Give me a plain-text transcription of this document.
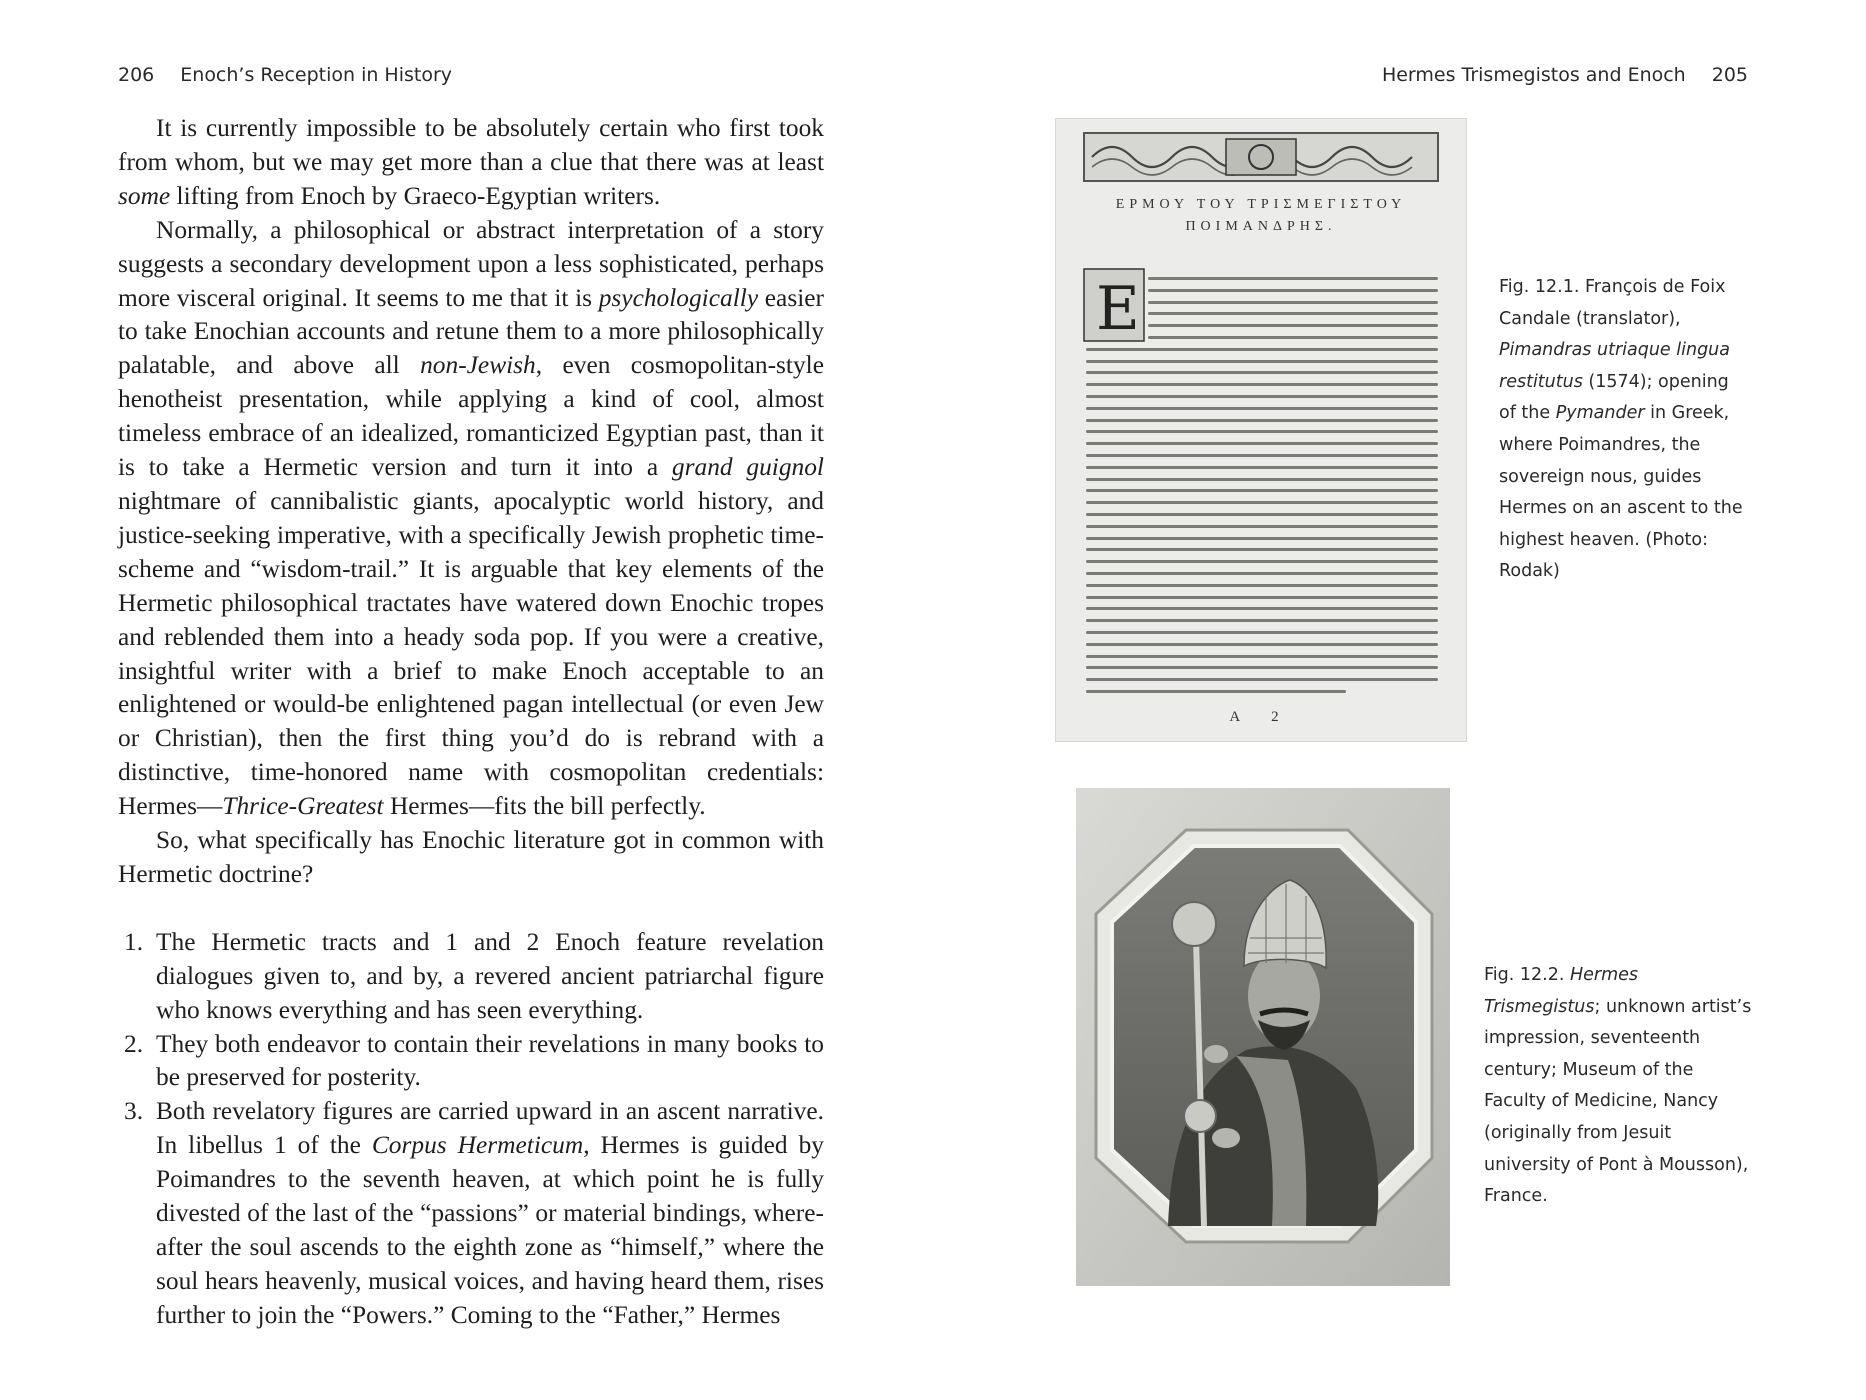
206 Enoch’s Reception in History

It is currently impossible to be absolutely certain who first took from whom, but we may get more than a clue that there was at least some lifting from Enoch by Graeco-Egyptian writers.

Normally, a philosophical or abstract interpretation of a story suggests a secondary development upon a less sophisticated, perhaps more visceral original. It seems to me that it is psychologically easier to take Enochian accounts and retune them to a more philosophically palatable, and above all non-Jewish, even cosmopolitan-style henotheist presentation, while applying a kind of cool, almost timeless embrace of an idealized, romanticized Egyptian past, than it is to take a Hermetic version and turn it into a grand guignol nightmare of cannibalistic giants, apocalyptic world history, and justice-seeking imperative, with a specifically Jewish prophetic time-scheme and “wisdom-trail.” It is arguable that key elements of the Hermetic philosophical tractates have watered down Enochic tropes and reblended them into a heady soda pop. If you were a creative, insightful writer with a brief to make Enoch acceptable to an enlightened or would-be enlightened pagan intellectual (or even Jew or Christian), then the first thing you’d do is rebrand with a distinctive, time-honored name with cosmopolitan credentials: Hermes—Thrice-Greatest Hermes—fits the bill perfectly.

So, what specifically has Enochic literature got in common with Hermetic doctrine?

1. The Hermetic tracts and 1 and 2 Enoch feature revelation dialogues given to, and by, a revered ancient patriarchal figure who knows everything and has seen everything.
2. They both endeavor to contain their revelations in many books to be preserved for posterity.
3. Both revelatory figures are carried upward in an ascent narrative. In libellus 1 of the Corpus Hermeticum, Hermes is guided by Poimandres to the seventh heaven, at which point he is fully divested of the last of the “passions” or material bindings, whereafter the soul ascends to the eighth zone as “himself,” where the soul hears heavenly, musical voices, and having heard them, rises further to join the “Powers.” Coming to the “Father,” Hermes
Hermes Trismegistos and Enoch 205
E
ΕΡΜΟΥ ΤΟΥ ΤΡΙΣΜΕΓΙΣΤΟΥ
ΠΟΙΜΑΝΔΡΗΣ.
A 2
Fig. 12.1. François de Foix Candale (translator), Pimandras utriaque lingua restitutus (1574); opening of the Pymander in Greek, where Poimandres, the sovereign nous, guides Hermes on an ascent to the highest heaven. (Photo: Rodak)
Fig. 12.2. Hermes Trismegistus; unknown artist’s impression, seventeenth century; Museum of the Faculty of Medicine, Nancy (originally from Jesuit university of Pont à Mousson), France.
